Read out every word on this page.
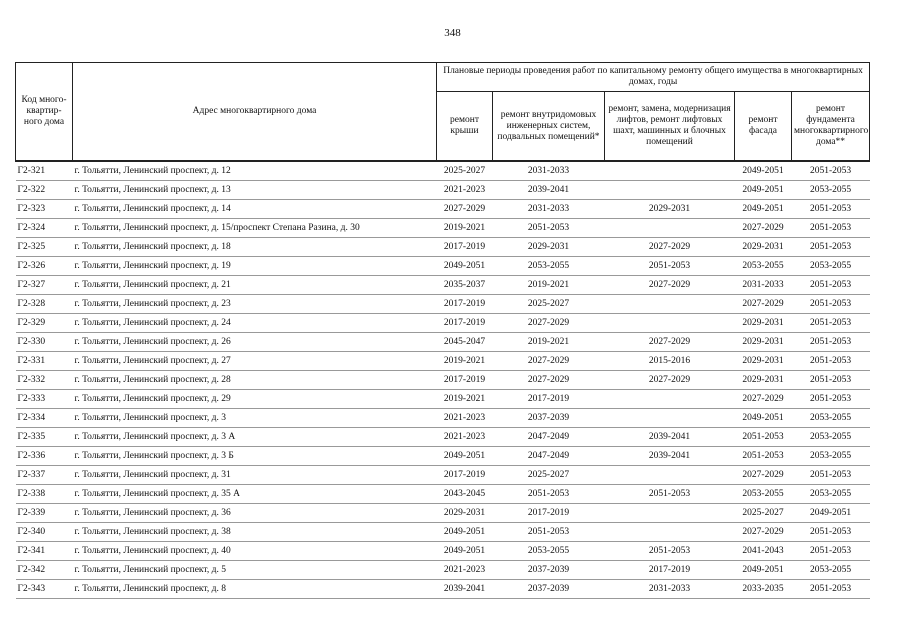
348
Код много-
квартир-
ного дома	Адрес многоквартирного дома	Плановые периоды проведения работ по капитальному ремонту общего имущества в многоквартирных домах, годы				
		ремонт крыши	ремонт внутридомовых инженерных систем, подвальных помещений*	ремонт, замена, модернизация лифтов, ремонт лифтовых шахт, машинных и блочных помещений	ремонт фасада	ремонт фундамента многоквартирного дома**
Г2-321	г. Тольятти, Ленинский проспект, д. 12	2025-2027	2031-2033		2049-2051	2051-2053
Г2-322	г. Тольятти, Ленинский проспект, д. 13	2021-2023	2039-2041		2049-2051	2053-2055
Г2-323	г. Тольятти, Ленинский проспект, д. 14	2027-2029	2031-2033	2029-2031	2049-2051	2051-2053
Г2-324	г. Тольятти, Ленинский проспект, д. 15/проспект Степана Разина, д. 30	2019-2021	2051-2053		2027-2029	2051-2053
Г2-325	г. Тольятти, Ленинский проспект, д. 18	2017-2019	2029-2031	2027-2029	2029-2031	2051-2053
Г2-326	г. Тольятти, Ленинский проспект, д. 19	2049-2051	2053-2055	2051-2053	2053-2055	2053-2055
Г2-327	г. Тольятти, Ленинский проспект, д. 21	2035-2037	2019-2021	2027-2029	2031-2033	2051-2053
Г2-328	г. Тольятти, Ленинский проспект, д. 23	2017-2019	2025-2027		2027-2029	2051-2053
Г2-329	г. Тольятти, Ленинский проспект, д. 24	2017-2019	2027-2029		2029-2031	2051-2053
Г2-330	г. Тольятти, Ленинский проспект, д. 26	2045-2047	2019-2021	2027-2029	2029-2031	2051-2053
Г2-331	г. Тольятти, Ленинский проспект, д. 27	2019-2021	2027-2029	2015-2016	2029-2031	2051-2053
Г2-332	г. Тольятти, Ленинский проспект, д. 28	2017-2019	2027-2029	2027-2029	2029-2031	2051-2053
Г2-333	г. Тольятти, Ленинский проспект, д. 29	2019-2021	2017-2019		2027-2029	2051-2053
Г2-334	г. Тольятти, Ленинский проспект, д. 3	2021-2023	2037-2039		2049-2051	2053-2055
Г2-335	г. Тольятти, Ленинский проспект, д. 3 А	2021-2023	2047-2049	2039-2041	2051-2053	2053-2055
Г2-336	г. Тольятти, Ленинский проспект, д. 3 Б	2049-2051	2047-2049	2039-2041	2051-2053	2053-2055
Г2-337	г. Тольятти, Ленинский проспект, д. 31	2017-2019	2025-2027		2027-2029	2051-2053
Г2-338	г. Тольятти, Ленинский проспект, д. 35 А	2043-2045	2051-2053	2051-2053	2053-2055	2053-2055
Г2-339	г. Тольятти, Ленинский проспект, д. 36	2029-2031	2017-2019		2025-2027	2049-2051
Г2-340	г. Тольятти, Ленинский проспект, д. 38	2049-2051	2051-2053		2027-2029	2051-2053
Г2-341	г. Тольятти, Ленинский проспект, д. 40	2049-2051	2053-2055	2051-2053	2041-2043	2051-2053
Г2-342	г. Тольятти, Ленинский проспект, д. 5	2021-2023	2037-2039	2017-2019	2049-2051	2053-2055
Г2-343	г. Тольятти, Ленинский проспект, д. 8	2039-2041	2037-2039	2031-2033	2033-2035	2051-2053
